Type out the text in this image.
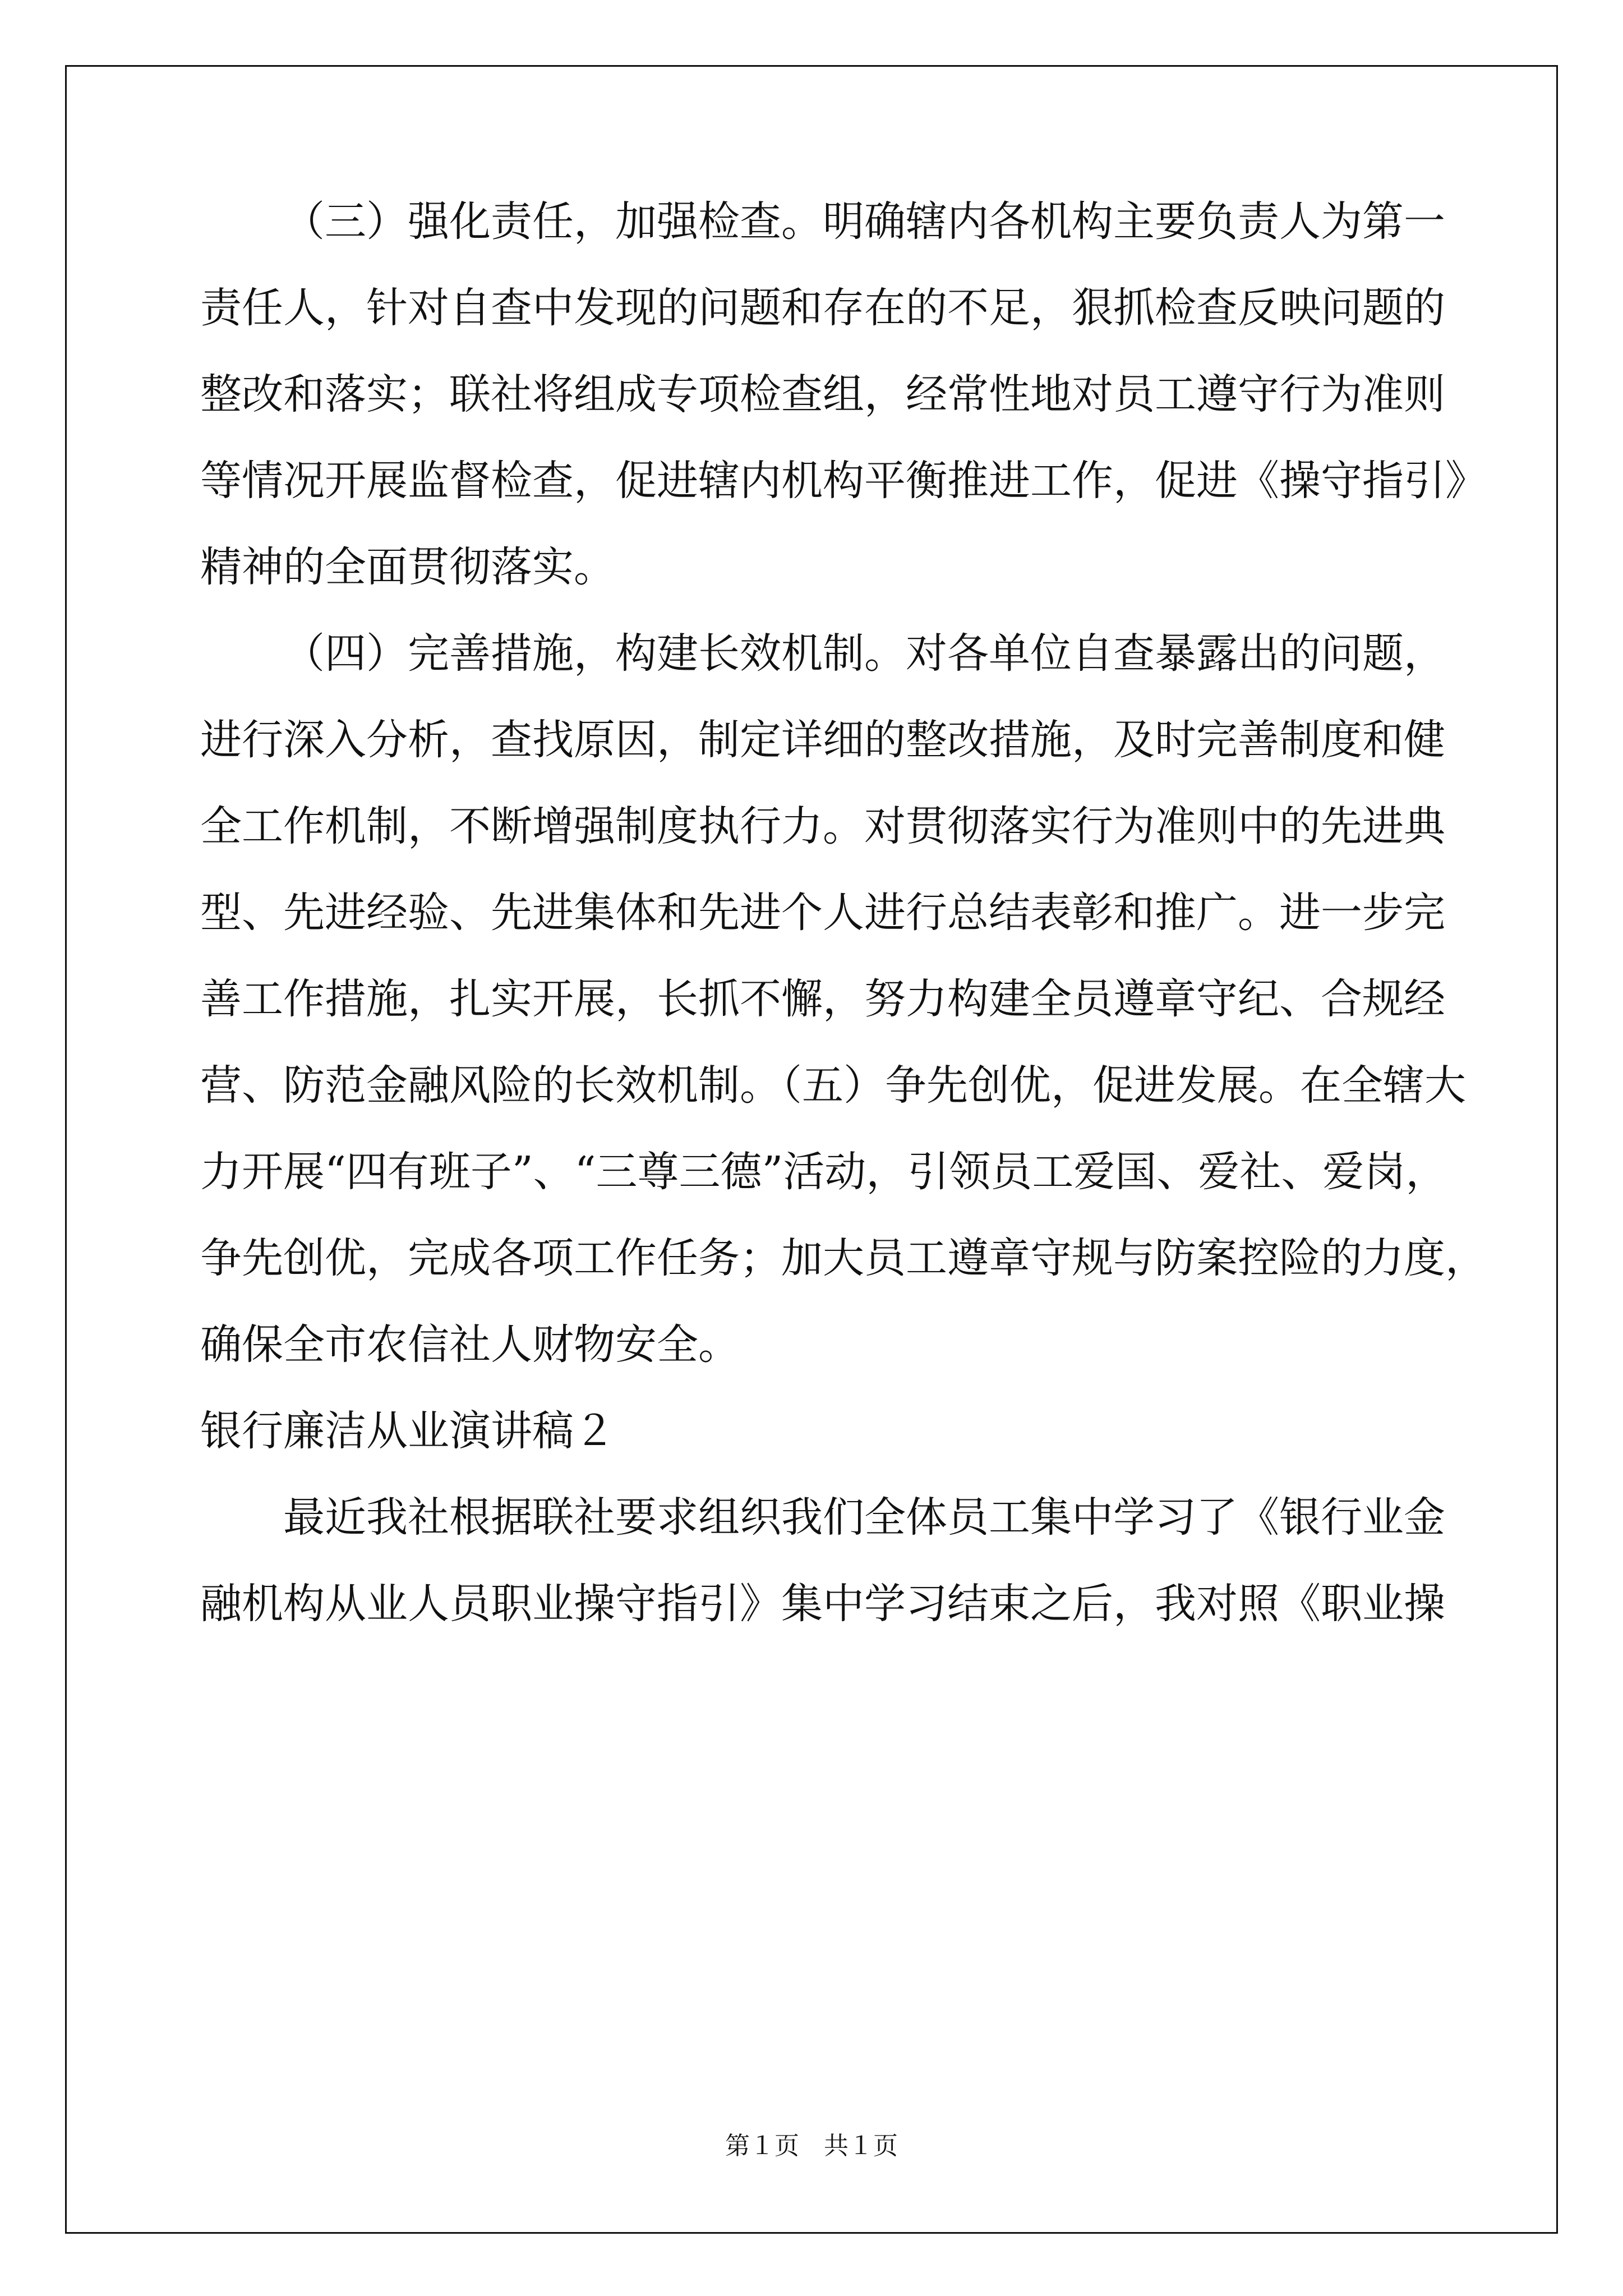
（三）强化责任，加强检查。明确辖内各机构主要负责人为第一
责任人，针对自查中发现的问题和存在的不足，狠抓检查反映问题的
整改和落实；联社将组成专项检查组，经常性地对员工遵守行为准则
等情况开展监督检查，促进辖内机构平衡推进工作，促进《操守指引》
精神的全面贯彻落实。
（四）完善措施，构建长效机制。对各单位自查暴露出的问题，
进行深入分析，查找原因，制定详细的整改措施，及时完善制度和健
全工作机制，不断增强制度执行力。对贯彻落实行为准则中的先进典
型、先进经验、先进集体和先进个人进行总结表彰和推广。进一步完
善工作措施，扎实开展，长抓不懈，努力构建全员遵章守纪、合规经
营、防范金融风险的长效机制。（五）争先创优，促进发展。在全辖大
力开展“四有班子”、“三尊三德”活动，引领员工爱国、爱社、爱岗，
争先创优，完成各项工作任务；加大员工遵章守规与防案控险的力度，
确保全市农信社人财物安全。
银行廉洁从业演讲稿２
最近我社根据联社要求组织我们全体员工集中学习了《银行业金
融机构从业人员职业操守指引》集中学习结束之后，我对照《职业操
第１页　共１页
